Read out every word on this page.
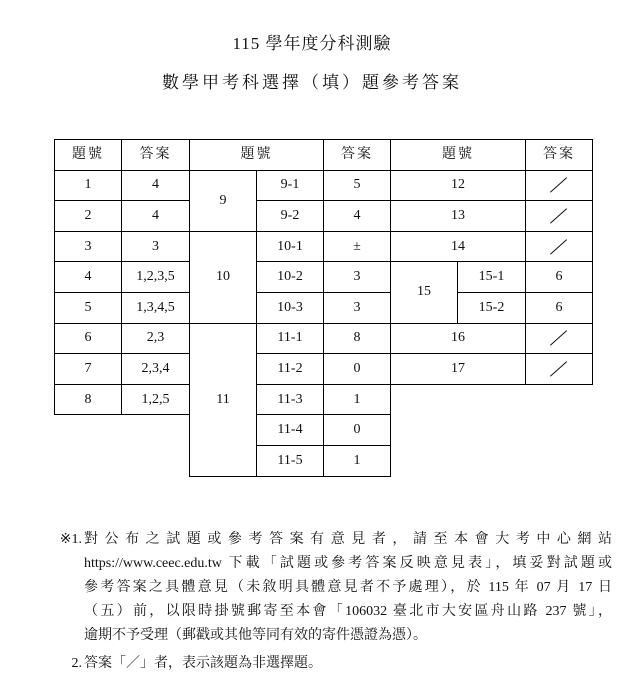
115 學年度分科測驗
數學甲考科選擇（填）題參考答案
題號	答案	題號		答案	題號		答案
1	4	9	9-1	5	12		
2	4		9-2	4	13		
3	3	10	10-1	±	14		
4	1,2,3,5		10-2	3	15	15-1	6
5	1,3,4,5		10-3	3		15-2	6
6	2,3	11	11-1	8	16		
7	2,3,4		11-2	0	17		
8	1,2,5		11-3	1			
			11-4	0			
			11-5	1			
※1. 對公布之試題或參考答案有意見者，請至本會大考中心網站
https://www.ceec.edu.tw 下載「試題或參考答案反映意見表」，填妥對試題或
參考答案之具體意見（未敘明具體意見者不予處理），於 115 年 07 月 17 日
（五）前，以限時掛號郵寄至本會「106032 臺北市大安區舟山路 237 號」，
逾期不予受理（郵戳或其他等同有效的寄件憑證為憑）。
2. 答案「／」者，表示該題為非選擇題。
